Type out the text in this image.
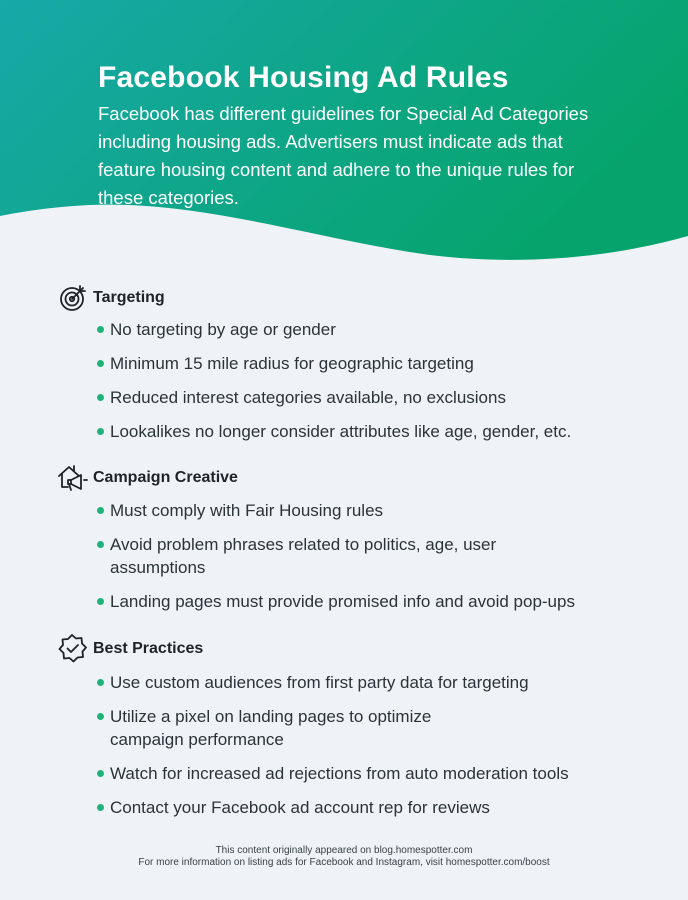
Facebook Housing Ad Rules

Facebook has different guidelines for Special Ad Categories including housing ads. Advertisers must indicate ads that feature housing content and adhere to the unique rules for these categories.

Targeting
No targeting by age or gender
Minimum 15 mile radius for geographic targeting
Reduced interest categories available, no exclusions
Lookalikes no longer consider attributes like age, gender, etc.
Campaign Creative
Must comply with Fair Housing rules
Avoid problem phrases related to politics, age, user assumptions
Landing pages must provide promised info and avoid pop-ups
Best Practices
Use custom audiences from first party data for targeting
Utilize a pixel on landing pages to optimize campaign performance
Watch for increased ad rejections from auto moderation tools
Contact your Facebook ad account rep for reviews
This content originally appeared on blog.homespotter.com
For more information on listing ads for Facebook and Instagram, visit homespotter.com/boost
